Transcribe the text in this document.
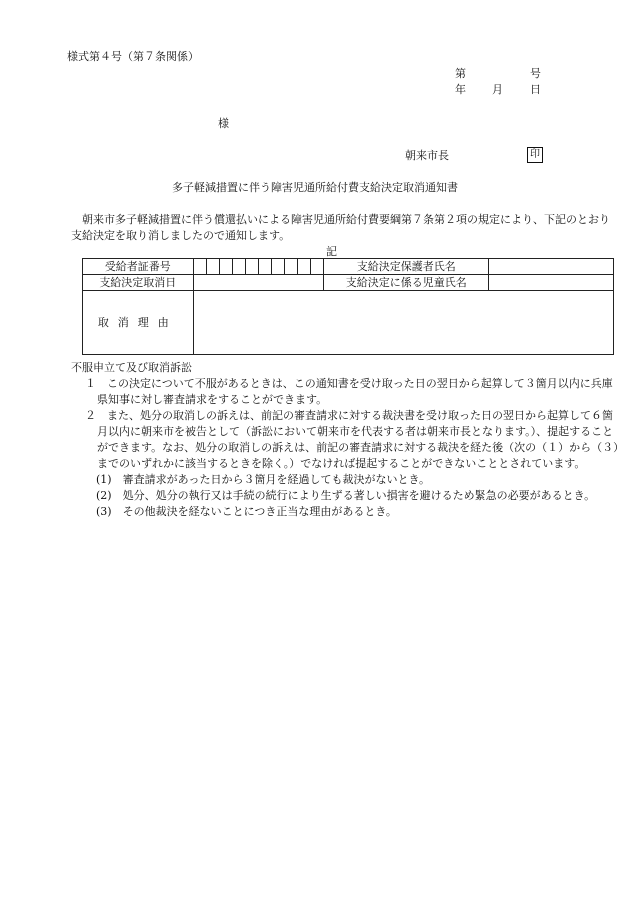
様式第４号（第７条関係）
第	号
年 月 日
様
朝来市長	印
多子軽減措置に伴う障害児通所給付費支給決定取消通知書
朝来市多子軽減措置に伴う償還払いによる障害児通所給付費要綱第７条第２項の規定により、下記のとおり支給決定を取り消しましたので通知します。
記
受給者証番号											支給決定保護者氏名	
支給決定取消日											支給決定に係る児童氏名	
取消理由												
不服申立て及び取消訴訟
１　 この決定について不服があるときは、この通知書を受け取った日の翌日から起算して３箇月以内に兵庫県知事に対し審査請求をすることができます。
２　 また、処分の取消しの訴えは、前記の審査請求に対する裁決書を受け取った日の翌日から起算して６箇月以内に朝来市を被告として（訴訟において朝来市を代表する者は朝来市長となります。）、提起することができます。なお、処分の取消しの訴えは、前記の審査請求に対する裁決を経た後（次の（１）から（３）までのいずれかに該当するときを除く。）でなければ提起することができないこととされています。
(1)　 審査請求があった日から３箇月を経過しても裁決がないとき。
(2)　 処分、処分の執行又は手続の続行により生ずる著しい損害を避けるため緊急の必要があるとき。
(3)　 その他裁決を経ないことにつき正当な理由があるとき。
